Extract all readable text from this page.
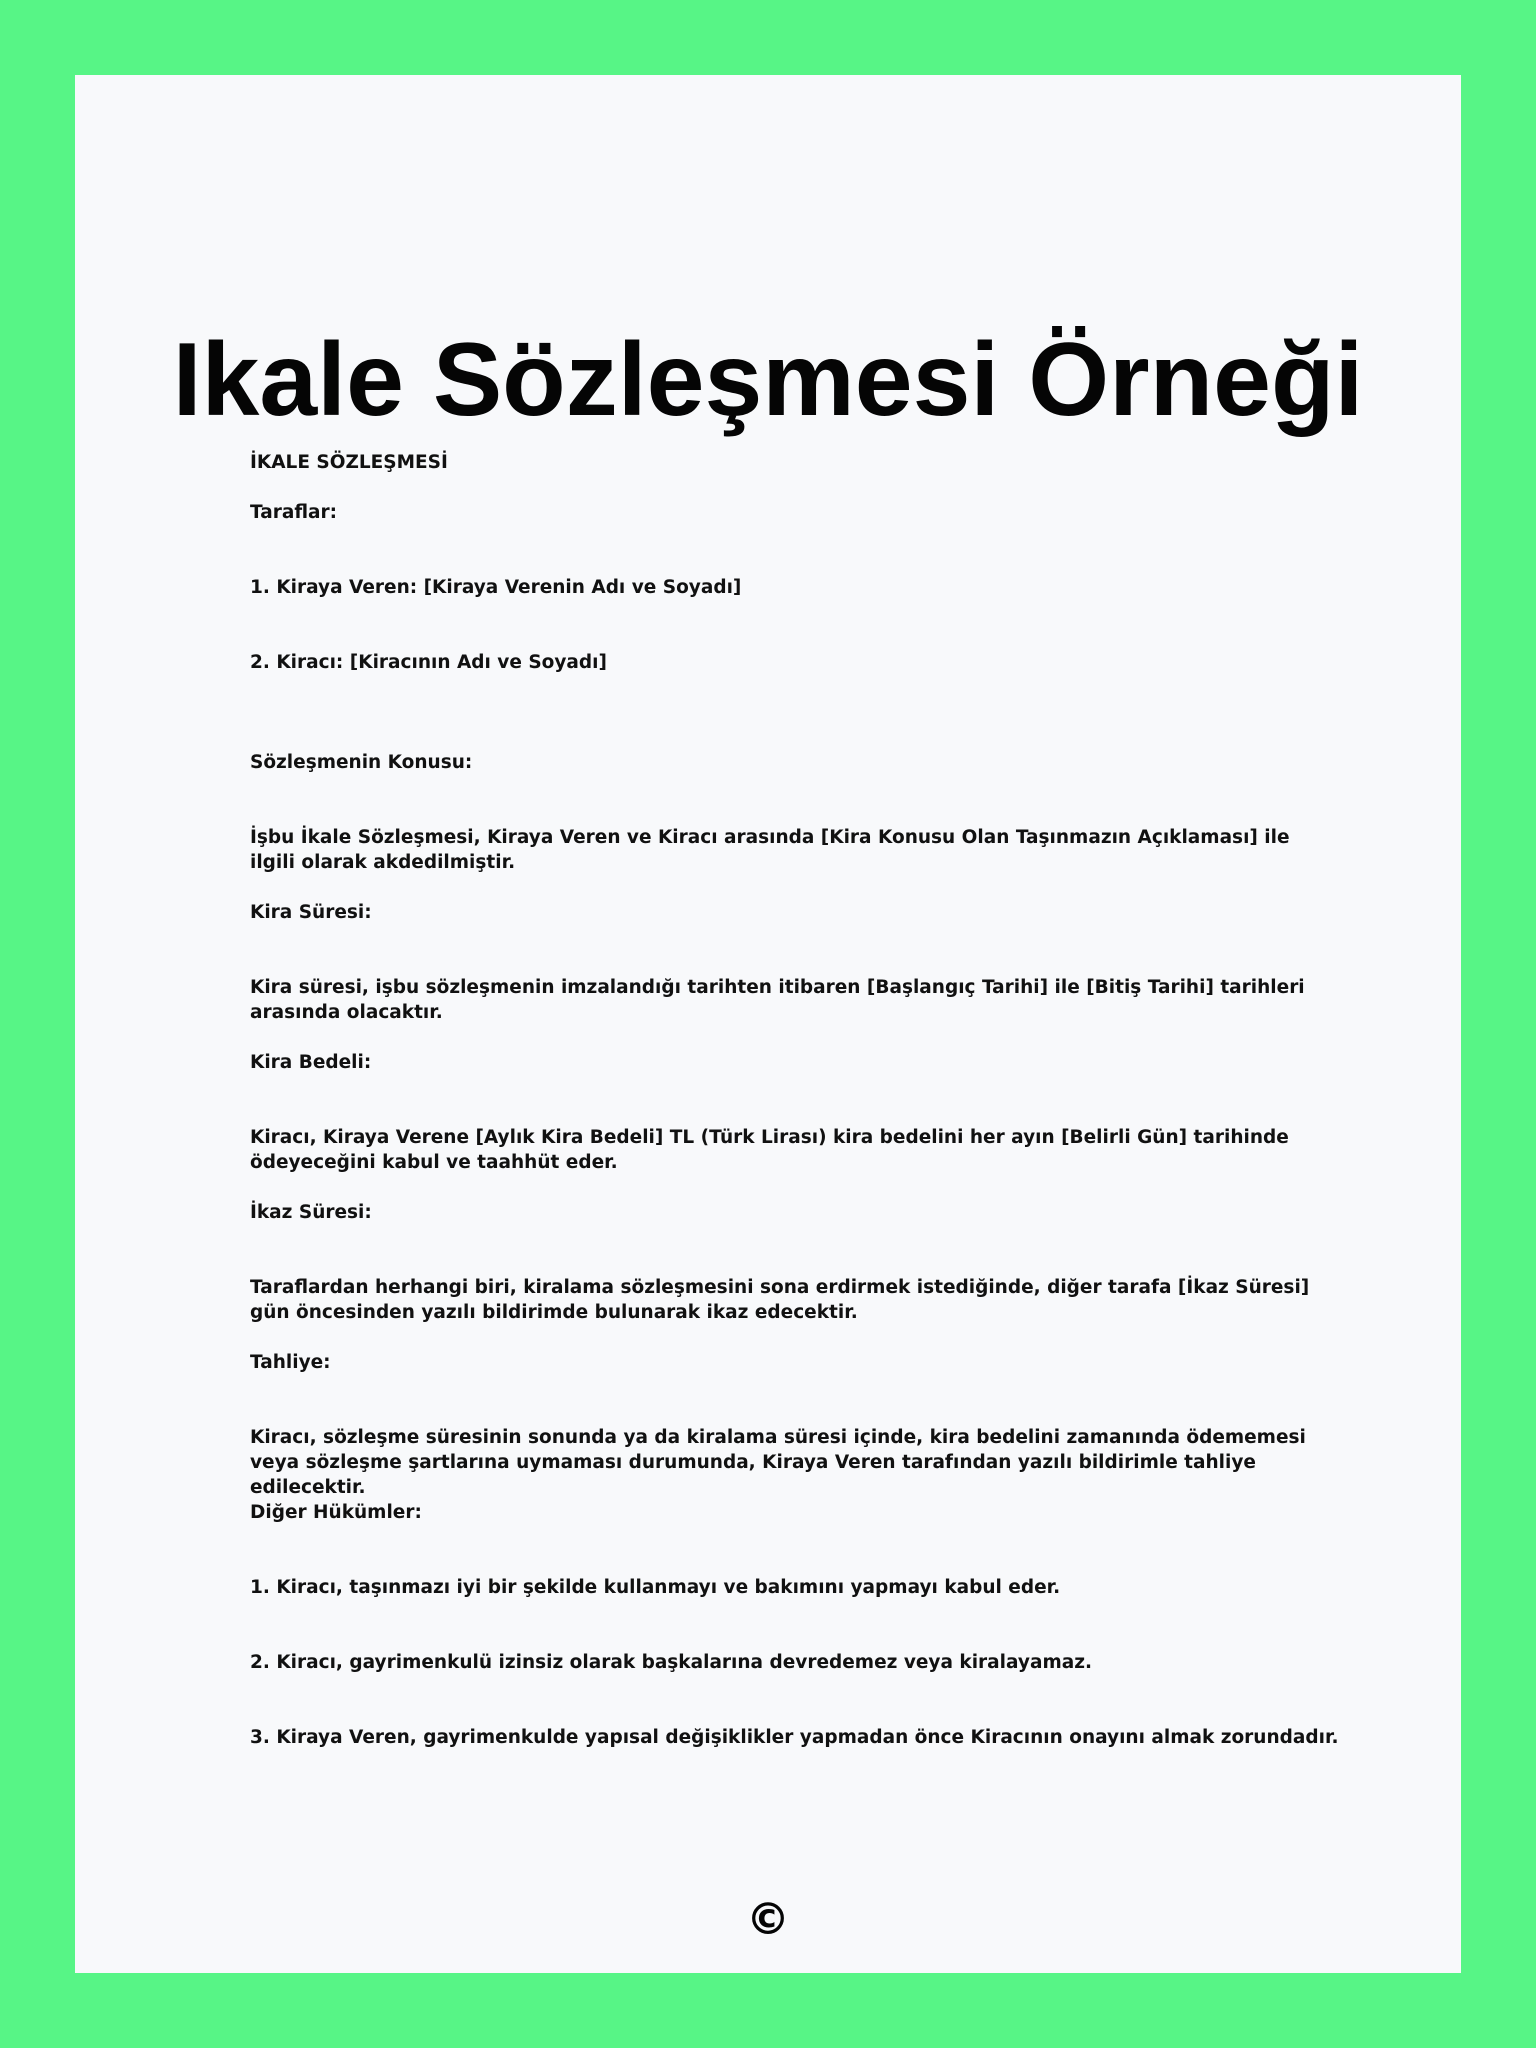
Ikale Sözleşmesi Örneği

İKALE SÖZLEŞMESİ

Taraflar:

1. Kiraya Veren: [Kiraya Verenin Adı ve Soyadı]

2. Kiracı: [Kiracının Adı ve Soyadı]

Sözleşmenin Konusu:

İşbu İkale Sözleşmesi, Kiraya Veren ve Kiracı arasında [Kira Konusu Olan Taşınmazın Açıklaması] ile ilgili olarak akdedilmiştir.

Kira Süresi:

Kira süresi, işbu sözleşmenin imzalandığı tarihten itibaren [Başlangıç Tarihi] ile [Bitiş Tarihi] tarihleri arasında olacaktır.

Kira Bedeli:

Kiracı, Kiraya Verene [Aylık Kira Bedeli] TL (Türk Lirası) kira bedelini her ayın [Belirli Gün] tarihinde ödeyeceğini kabul ve taahhüt eder.

İkaz Süresi:

Taraflardan herhangi biri, kiralama sözleşmesini sona erdirmek istediğinde, diğer tarafa [İkaz Süresi] gün öncesinden yazılı bildirimde bulunarak ikaz edecektir.

Tahliye:

Kiracı, sözleşme süresinin sonunda ya da kiralama süresi içinde, kira bedelini zamanında ödememesi veya sözleşme şartlarına uymaması durumunda, Kiraya Veren tarafından yazılı bildirimle tahliye edilecektir.

Diğer Hükümler:

1. Kiracı, taşınmazı iyi bir şekilde kullanmayı ve bakımını yapmayı kabul eder.

2. Kiracı, gayrimenkulü izinsiz olarak başkalarına devredemez veya kiralayamaz.

3. Kiraya Veren, gayrimenkulde yapısal değişiklikler yapmadan önce Kiracının onayını almak zorundadır.

©
